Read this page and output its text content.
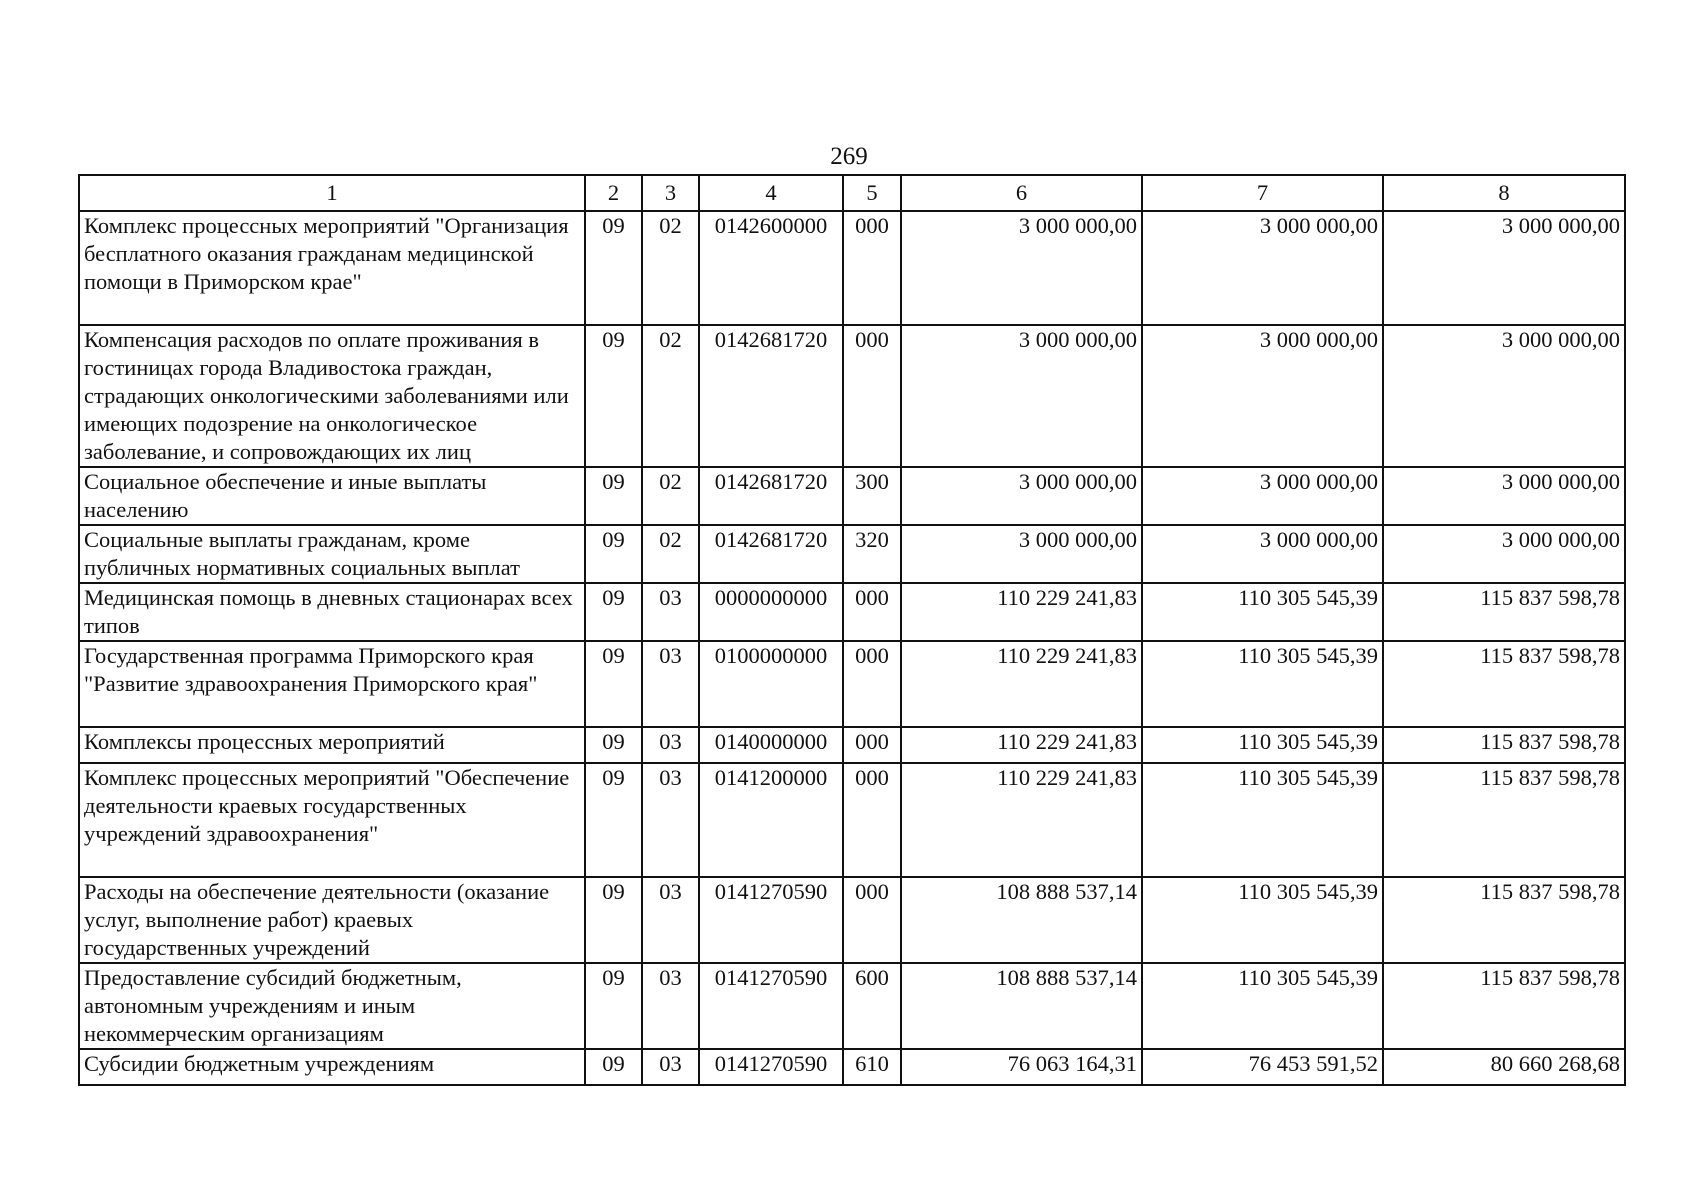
269
1	2	3	4	5	6	7	8
Комплекс процессных мероприятий "Организация бесплатного оказания гражданам медицинской помощи в Приморском крае"	09	02	0142600000	000	3 000 000,00	3 000 000,00	3 000 000,00
Компенсация расходов по оплате проживания в гостиницах города Владивостока граждан, страдающих онкологическими заболеваниями или имеющих подозрение на онкологическое заболевание, и сопровождающих их лиц	09	02	0142681720	000	3 000 000,00	3 000 000,00	3 000 000,00
Социальное обеспечение и иные выплаты населению	09	02	0142681720	300	3 000 000,00	3 000 000,00	3 000 000,00
Социальные выплаты гражданам, кроме публичных нормативных социальных выплат	09	02	0142681720	320	3 000 000,00	3 000 000,00	3 000 000,00
Медицинская помощь в дневных стационарах всех типов	09	03	0000000000	000	110 229 241,83	110 305 545,39	115 837 598,78
Государственная программа Приморского края "Развитие здравоохранения Приморского края"	09	03	0100000000	000	110 229 241,83	110 305 545,39	115 837 598,78
Комплексы процессных мероприятий	09	03	0140000000	000	110 229 241,83	110 305 545,39	115 837 598,78
Комплекс процессных мероприятий "Обеспечение деятельности краевых государственных учреждений здравоохранения"	09	03	0141200000	000	110 229 241,83	110 305 545,39	115 837 598,78
Расходы на обеспечение деятельности (оказание услуг, выполнение работ) краевых государственных учреждений	09	03	0141270590	000	108 888 537,14	110 305 545,39	115 837 598,78
Предоставление субсидий бюджетным, автономным учреждениям и иным некоммерческим организациям	09	03	0141270590	600	108 888 537,14	110 305 545,39	115 837 598,78
Субсидии бюджетным учреждениям	09	03	0141270590	610	76 063 164,31	76 453 591,52	80 660 268,68
